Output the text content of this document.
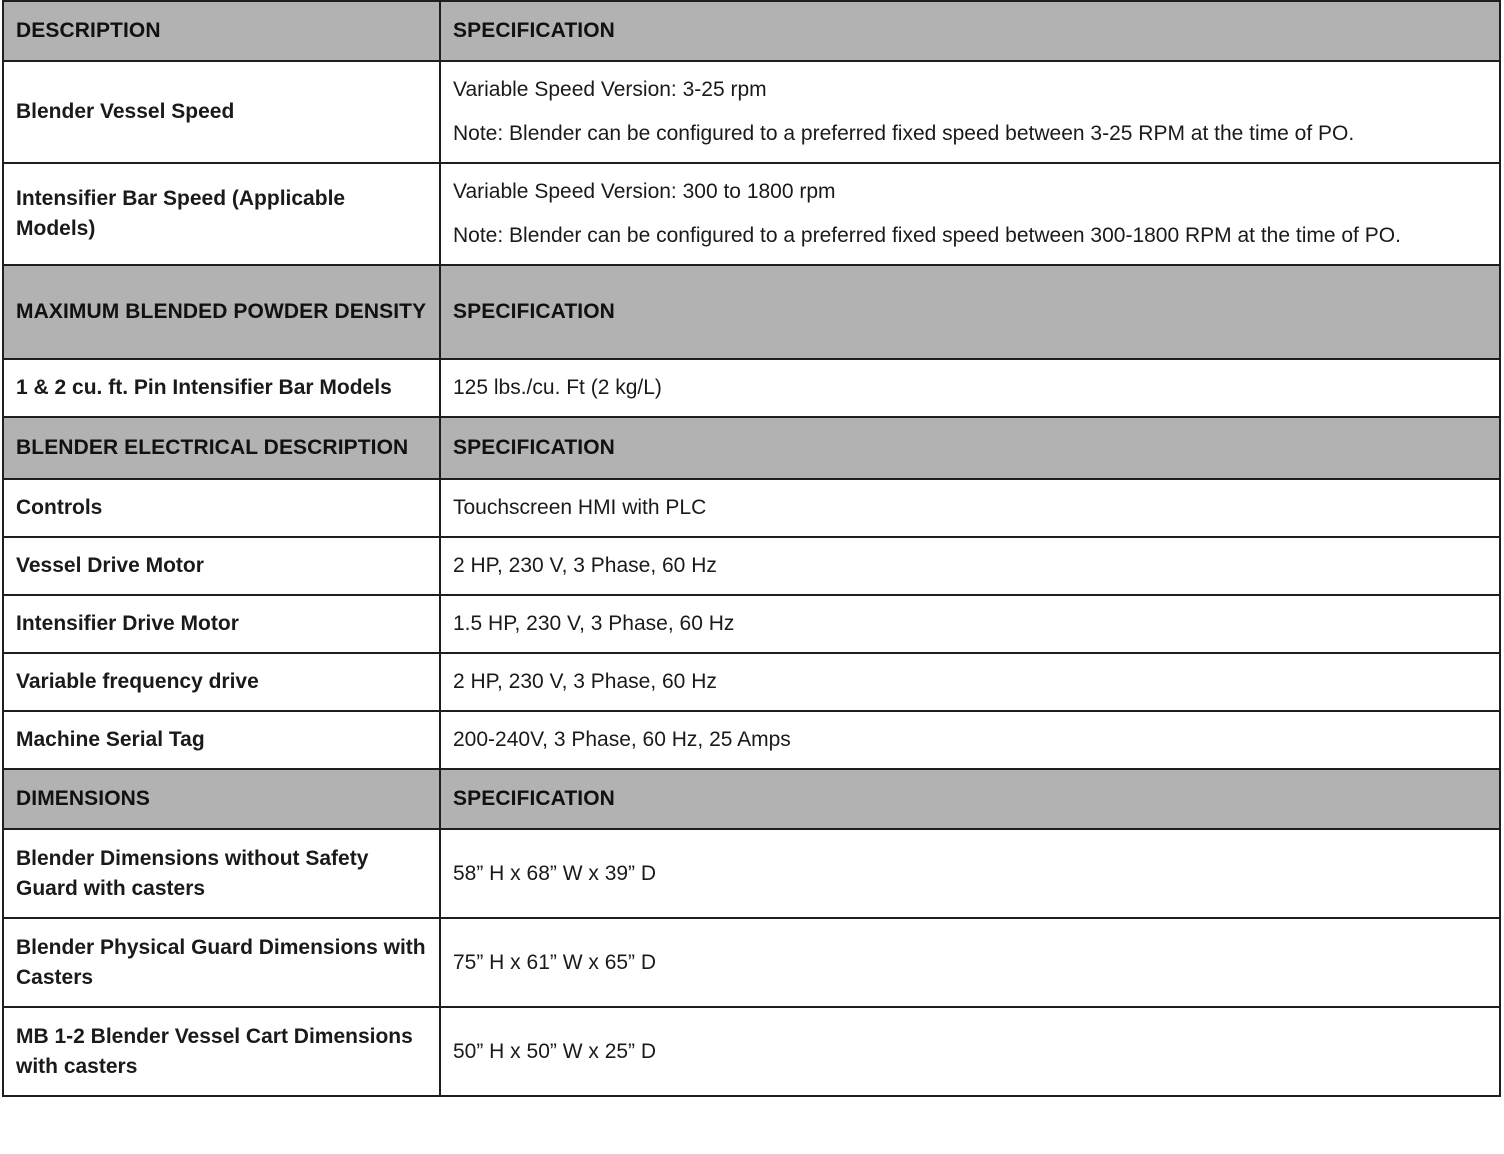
DESCRIPTION	SPECIFICATION
Blender Vessel Speed	Variable Speed Version: 3-25 rpm
Note: Blender can be configured to a preferred fixed speed between 3-25 RPM at the time of PO.

Intensifier Bar Speed (Applicable Models)	Variable Speed Version: 300 to 1800 rpm
Note: Blender can be configured to a preferred fixed speed between 300-1800 RPM at the time of PO.

MAXIMUM BLENDED POWDER DENSITY	SPECIFICATION
1 & 2 cu. ft. Pin Intensifier Bar Models	125 lbs./cu. Ft (2 kg/L)
BLENDER ELECTRICAL DESCRIPTION	SPECIFICATION
Controls	Touchscreen HMI with PLC
Vessel Drive Motor	2 HP, 230 V, 3 Phase, 60 Hz
Intensifier Drive Motor	1.5 HP, 230 V, 3 Phase, 60 Hz
Variable frequency drive	2 HP, 230 V, 3 Phase, 60 Hz
Machine Serial Tag	200-240V, 3 Phase, 60 Hz, 25 Amps
DIMENSIONS	SPECIFICATION
Blender Dimensions without Safety Guard with casters	58” H x 68” W x 39” D
Blender Physical Guard Dimensions with Casters	75” H x 61” W x 65” D
MB 1-2 Blender Vessel Cart Dimensions with casters	50” H x 50” W x 25” D
